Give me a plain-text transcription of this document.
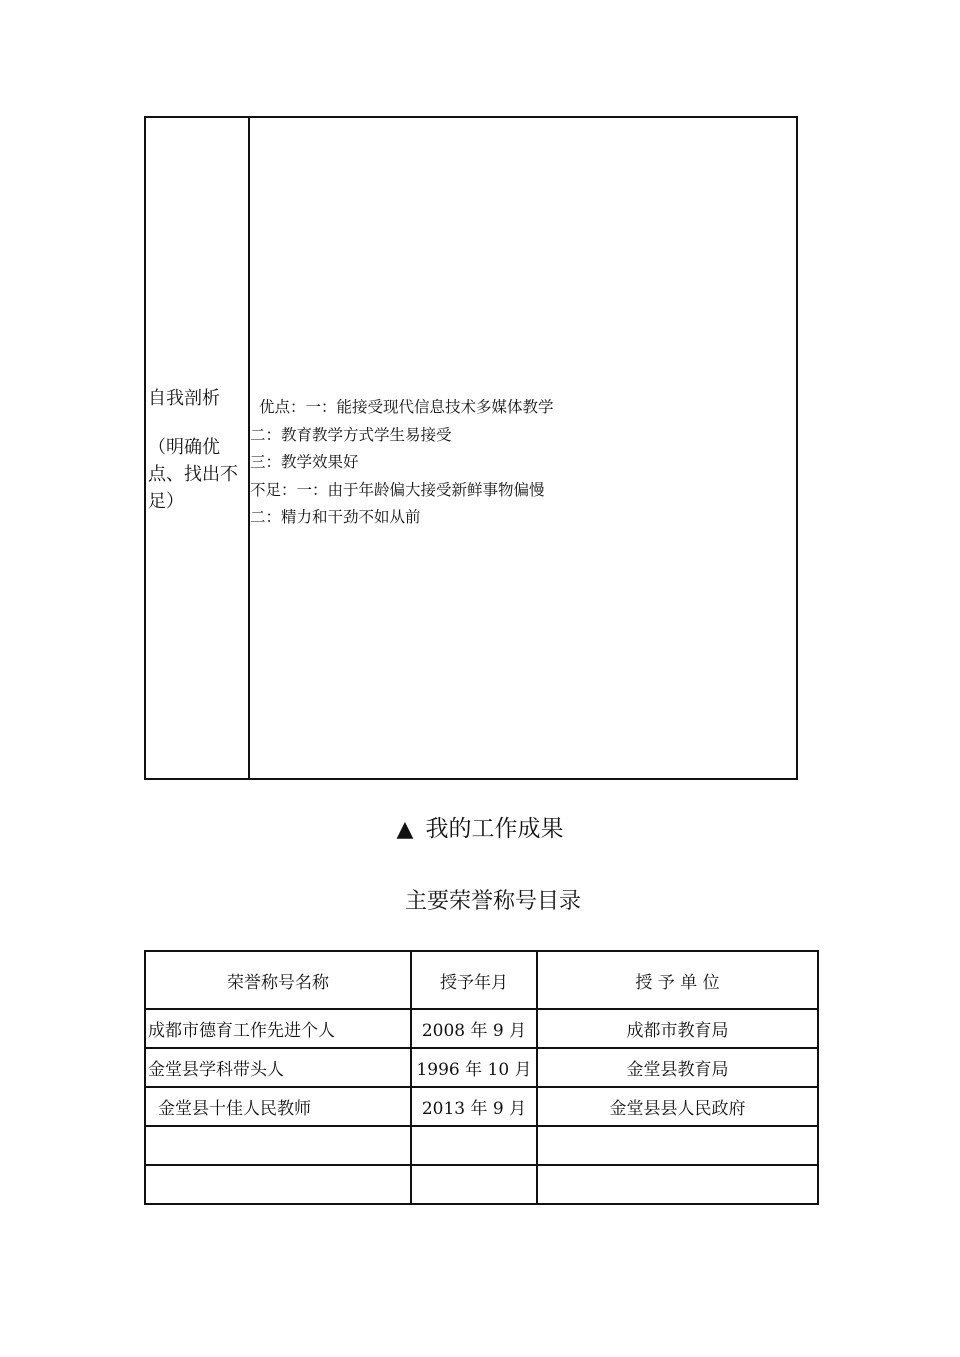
自我剖析
（明确优点、找出不足）
优点：一：能接受现代信息技术多媒体教学
二：教育教学方式学生易接受
三：教学效果好
不足：一：由于年龄偏大接受新鲜事物偏慢
二：精力和干劲不如从前
▲ 我的工作成果
主要荣誉称号目录
荣誉称号名称	授予年月	授 予 单 位
成都市德育工作先进个人	2008 年 9 月	成都市教育局
金堂县学科带头人	1996 年 10 月	金堂县教育局
金堂县十佳人民教师	2013 年 9 月	金堂县县人民政府
